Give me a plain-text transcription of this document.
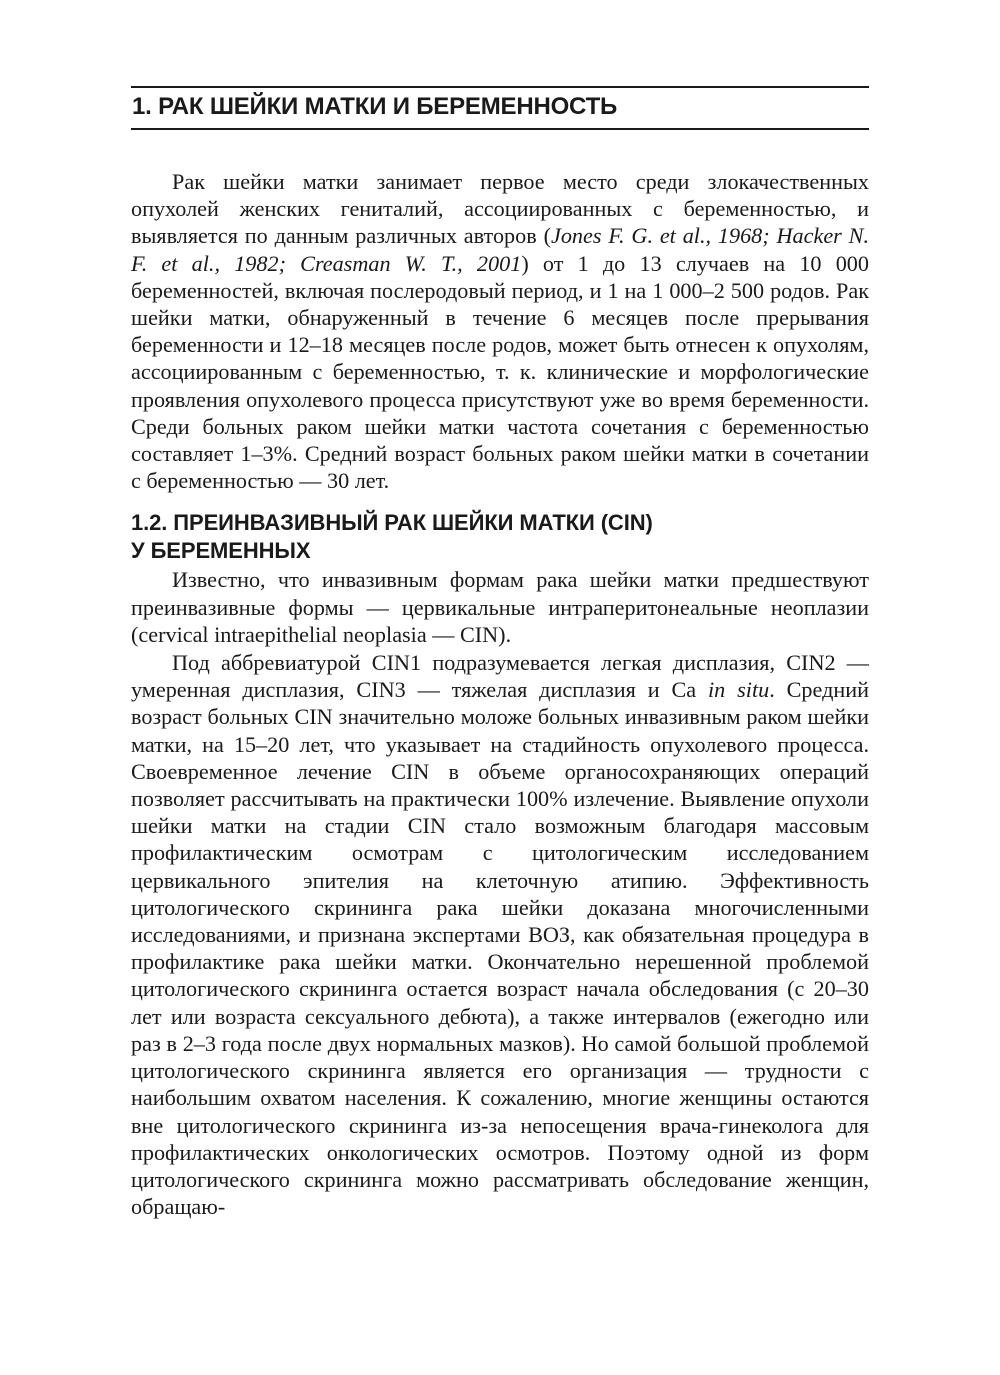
1. РАК ШЕЙКИ МАТКИ И БЕРЕМЕННОСТЬ

Рак шейки матки занимает первое место среди злокачественных опухолей женских гениталий, ассоциированных с беременностью, и выявляется по данным различных авторов (Jones F. G. et al., 1968; Hacker N. F. et al., 1982; Creasman W. T., 2001) от 1 до 13 случаев на 10 000 беременностей, включая послеродовый период, и 1 на 1 000–2 500 родов. Рак шейки матки, обнаруженный в течение 6 месяцев после прерывания беременности и 12–18 месяцев после родов, может быть отнесен к опухолям, ассоциированным с беременностью, т. к. клинические и морфологические проявления опухолевого процесса присутствуют уже во время беременности. Среди больных раком шейки матки частота сочетания с беременностью составляет 1–3%. Средний возраст больных раком шейки матки в сочетании с беременностью — 30 лет.

1.2. ПРЕИНВАЗИВНЫЙ РАК ШЕЙКИ МАТКИ (CIN)
У БЕРЕМЕННЫХ

Известно, что инвазивным формам рака шейки матки предшествуют преинвазивные формы — цервикальные интраперитонеальные неоплазии (cervical intraepithelial neoplasia — CIN).

Под аббревиатурой CIN1 подразумевается легкая дисплазия, CIN2 — умеренная дисплазия, CIN3 — тяжелая дисплазия и Ca in situ. Средний возраст больных CIN значительно моложе больных инвазивным раком шейки матки, на 15–20 лет, что указывает на стадийность опухолевого процесса. Своевременное лечение CIN в объеме органосохраняющих операций позволяет рассчитывать на практически 100% излечение. Выявление опухоли шейки матки на стадии CIN стало возможным благодаря массовым профилактическим осмотрам с цитологическим исследованием цервикального эпителия на клеточную атипию. Эффективность цитологического скрининга рака шейки доказана многочисленными исследованиями, и признана экспертами ВОЗ, как обязательная процедура в профилактике рака шейки матки. Окончательно нерешенной проблемой цитологического скрининга остается возраст начала обследования (с 20–30 лет или возраста сексуального дебюта), а также интервалов (ежегодно или раз в 2–3 года после двух нормальных мазков). Но самой большой проблемой цитологического скрининга является его организация — трудности с наибольшим охватом населения. К сожалению, многие женщины остаются вне цитологического скрининга из-за непосещения врача-гинеколога для профилактических онкологических осмотров. Поэтому одной из форм цитологического скрининга можно рассматривать обследование женщин, обращаю-
